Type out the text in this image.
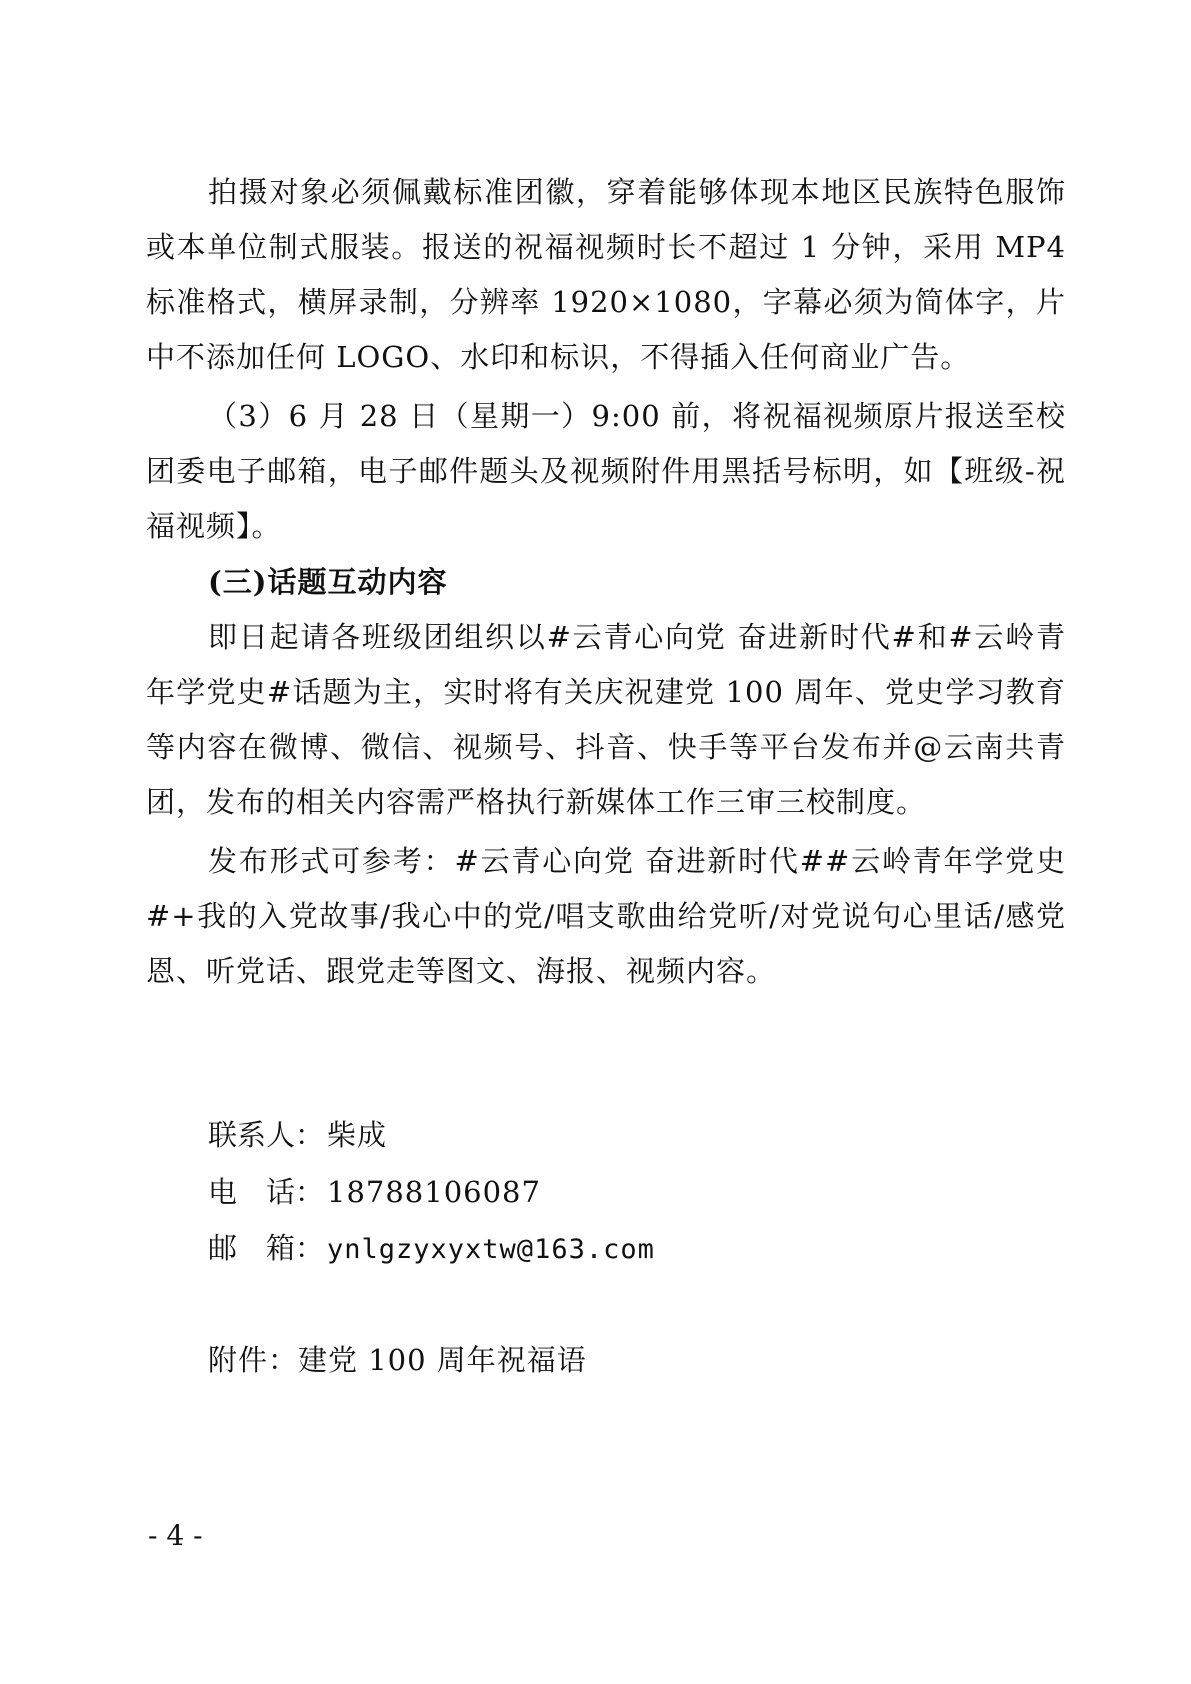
拍摄对象必须佩戴标准团徽，穿着能够体现本地区民族特色服饰或本单位制式服装。报送的祝福视频时长不超过 1 分钟，采用 MP4 标准格式，横屏录制，分辨率 1920×1080，字幕必须为简体字，片中不添加任何 LOGO、水印和标识，不得插入任何商业广告。
（3）6 月 28 日（星期一）9:00 前，将祝福视频原片报送至校团委电子邮箱，电子邮件题头及视频附件用黑括号标明，如【班级-祝福视频】。
(三)话题互动内容
即日起请各班级团组织以#云青心向党 奋进新时代#和#云岭青年学党史#话题为主，实时将有关庆祝建党 100 周年、党史学习教育等内容在微博、微信、视频号、抖音、快手等平台发布并@云南共青团，发布的相关内容需严格执行新媒体工作三审三校制度。
发布形式可参考：#云青心向党 奋进新时代##云岭青年学党史#+我的入党故事/我心中的党/唱支歌曲给党听/对党说句心里话/感党恩、听党话、跟党走等图文、海报、视频内容。
联系人： 柴成
电　话： 18788106087
邮　箱： ynlgzyxyxtw@163.com
附件：建党 100 周年祝福语
- 4 -
